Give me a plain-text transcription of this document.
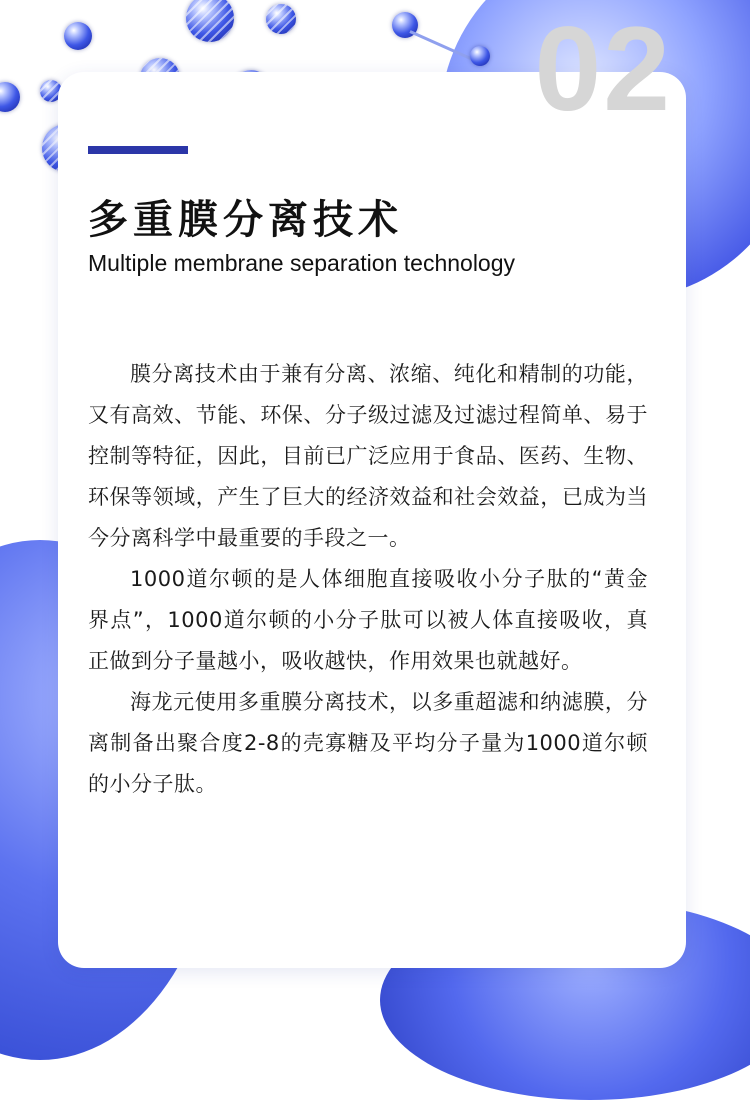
02
多重膜分离技术
Multiple membrane separation technology

膜分离技术由于兼有分离、浓缩、纯化和精制的功能，又有高效、节能、环保、分子级过滤及过滤过程简单、易于控制等特征，因此，目前已广泛应用于食品、医药、生物、环保等领域，产生了巨大的经济效益和社会效益，已成为当今分离科学中最重要的手段之一。

1000道尔顿的是人体细胞直接吸收小分子肽的“黄金界点”，1000道尔顿的小分子肽可以被人体直接吸收，真正做到分子量越小，吸收越快，作用效果也就越好。

海龙元使用多重膜分离技术，以多重超滤和纳滤膜，分离制备出聚合度2-8的壳寡糖及平均分子量为1000道尔顿的小分子肽。
